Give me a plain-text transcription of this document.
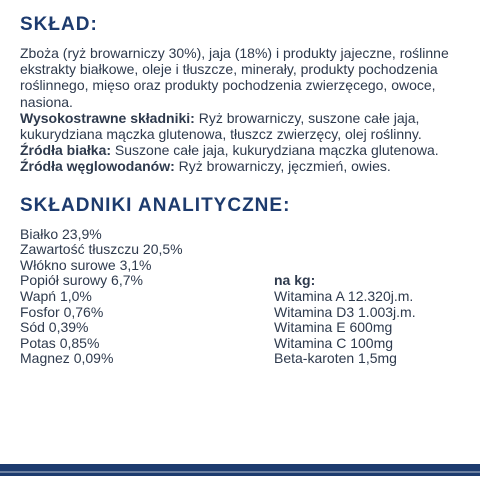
SKŁAD:

Zboża (ryż browarniczy 30%), jaja (18%) i produkty jajeczne, roślinne ekstrakty białkowe, oleje i tłuszcze, minerały, produkty pochodzenia roślinnego, mięso oraz produkty pochodzenia zwierzęcego, owoce, nasiona.

Wysokostrawne składniki: Ryż browarniczy, suszone całe jaja, kukurydziana mączka glutenowa, tłuszcz zwierzęcy, olej roślinny.

Źródła białka: Suszone całe jaja, kukurydziana mączka glutenowa.

Źródła węglowodanów: Ryż browarniczy, jęczmień, owies.

SKŁADNIKI ANALITYCZNE:
Białko 23,9%
Zawartość tłuszczu 20,5%
Włókno surowe 3,1%
Popiół surowy 6,7%
Wapń 1,0%
Fosfor 0,76%
Sód 0,39%
Potas 0,85%
Magnez 0,09%
na kg:
Witamina A 12.320j.m.
Witamina D3 1.003j.m.
Witamina E 600mg
Witamina C 100mg
Beta-karoten 1,5mg
